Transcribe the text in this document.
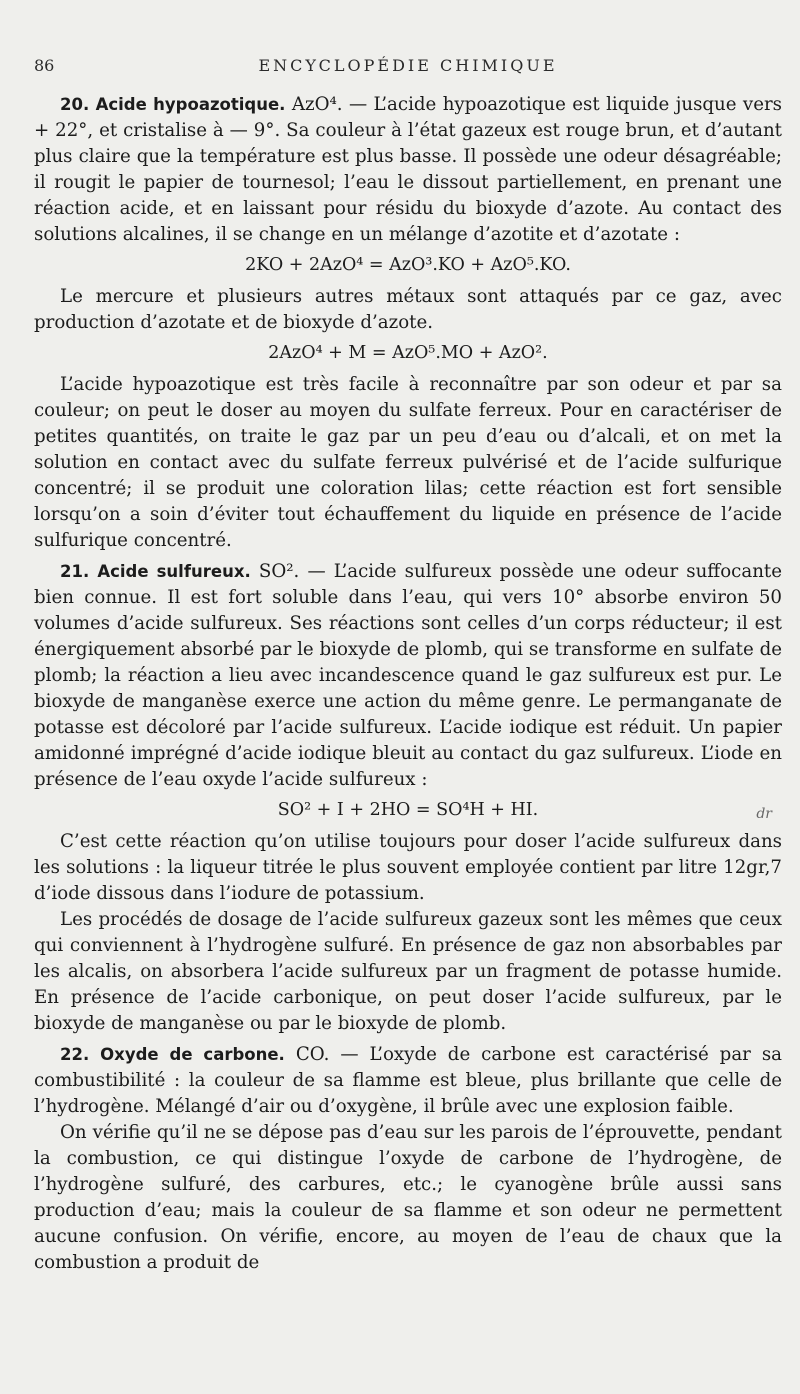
86	ENCYCLOPÉDIE CHIMIQUE

20. Acide hypoazotique. AzO⁴. — L’acide hypoazotique est liquide jusque vers + 22°, et cristalise à — 9°. Sa couleur à l’état gazeux est rouge brun, et d’autant plus claire que la température est plus basse. Il possède une odeur désagréable; il rougit le papier de tournesol; l’eau le dissout partiellement, en prenant une réaction acide, et en laissant pour résidu du bioxyde d’azote. Au contact des solutions alcalines, il se change en un mélange d’azotite et d’azotate :

2KO + 2AzO⁴ = AzO³.KO + AzO⁵.KO.

Le mercure et plusieurs autres métaux sont attaqués par ce gaz, avec production d’azotate et de bioxyde d’azote.

2AzO⁴ + M = AzO⁵.MO + AzO².

L’acide hypoazotique est très facile à reconnaître par son odeur et par sa couleur; on peut le doser au moyen du sulfate ferreux. Pour en caractériser de petites quantités, on traite le gaz par un peu d’eau ou d’alcali, et on met la solution en contact avec du sulfate ferreux pulvérisé et de l’acide sulfurique concentré; il se produit une coloration lilas; cette réaction est fort sensible lorsqu’on a soin d’éviter tout échauffement du liquide en présence de l’acide sulfurique concentré.

21. Acide sulfureux. SO². — L’acide sulfureux possède une odeur suffocante bien connue. Il est fort soluble dans l’eau, qui vers 10° absorbe environ 50 volumes d’acide sulfureux. Ses réactions sont celles d’un corps réducteur; il est énergiquement absorbé par le bioxyde de plomb, qui se transforme en sulfate de plomb; la réaction a lieu avec incandescence quand le gaz sulfureux est pur. Le bioxyde de manganèse exerce une action du même genre. Le permanganate de potasse est décoloré par l’acide sulfureux. L’acide iodique est réduit. Un papier amidonné imprégné d’acide iodique bleuit au contact du gaz sulfureux. L’iode en présence de l’eau oxyde l’acide sulfureux :

SO² + I + 2HO = SO⁴H + HI.	dr

C’est cette réaction qu’on utilise toujours pour doser l’acide sulfureux dans les solutions : la liqueur titrée le plus souvent employée contient par litre 12gr,7 d’iode dissous dans l’iodure de potassium.

Les procédés de dosage de l’acide sulfureux gazeux sont les mêmes que ceux qui conviennent à l’hydrogène sulfuré. En présence de gaz non absorbables par les alcalis, on absorbera l’acide sulfureux par un fragment de potasse humide. En présence de l’acide carbonique, on peut doser l’acide sulfureux, par le bioxyde de manganèse ou par le bioxyde de plomb.

22. Oxyde de carbone. CO. — L’oxyde de carbone est caractérisé par sa combustibilité : la couleur de sa flamme est bleue, plus brillante que celle de l’hydrogène. Mélangé d’air ou d’oxygène, il brûle avec une explosion faible.

On vérifie qu’il ne se dépose pas d’eau sur les parois de l’éprouvette, pendant la combustion, ce qui distingue l’oxyde de carbone de l’hydrogène, de l’hydrogène sulfuré, des carbures, etc.; le cyanogène brûle aussi sans production d’eau; mais la couleur de sa flamme et son odeur ne permettent aucune confusion. On vérifie, encore, au moyen de l’eau de chaux que la combustion a produit de
